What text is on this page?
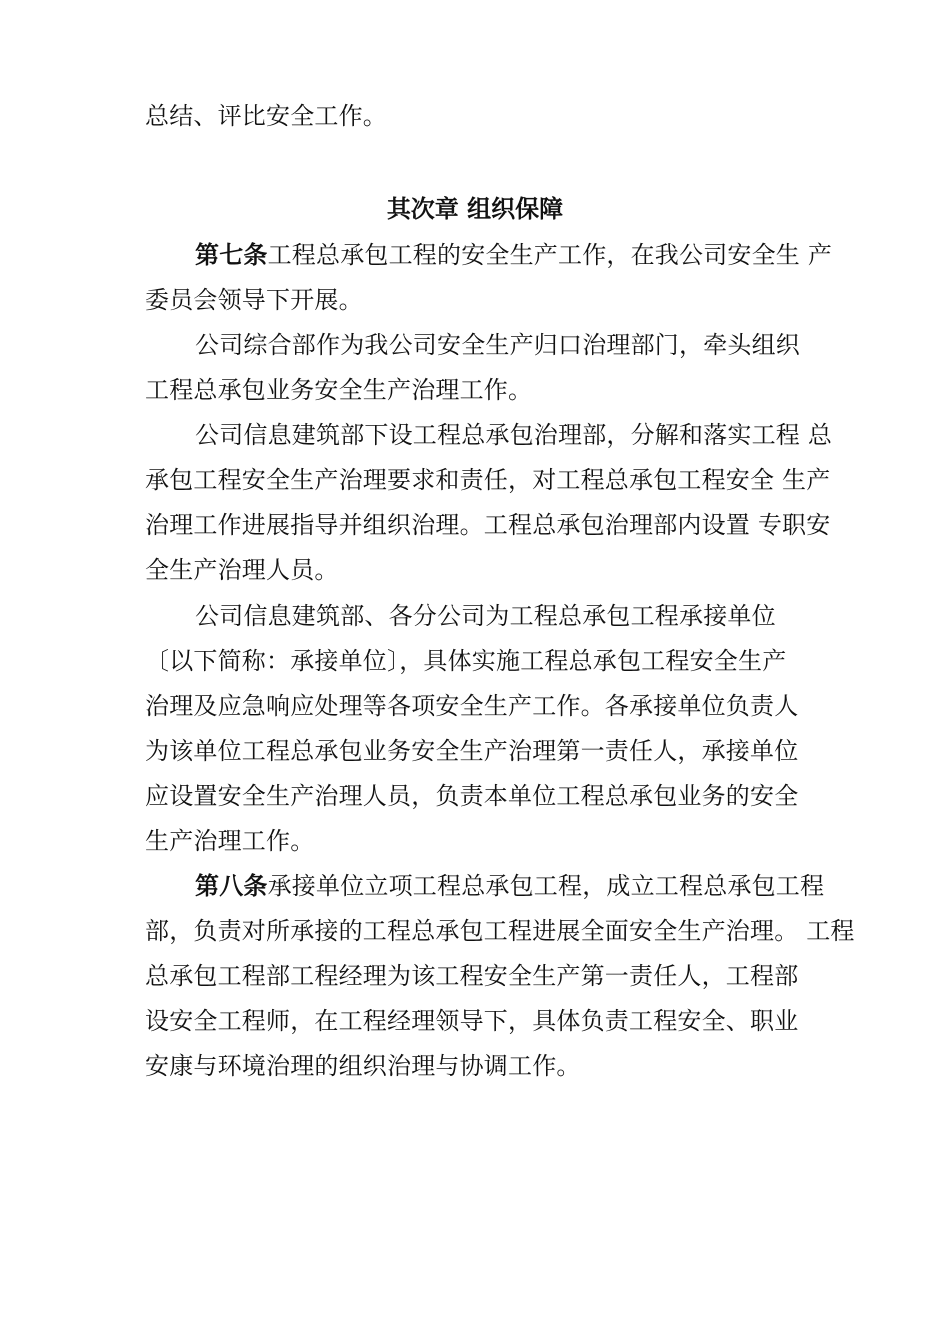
总结、评比安全工作。
其次章 组织保障
第七条工程总承包工程的安全生产工作，在我公司安全生 产
委员会领导下开展。
公司综合部作为我公司安全生产归口治理部门，牵头组织
工程总承包业务安全生产治理工作。
公司信息建筑部下设工程总承包治理部，分解和落实工程 总
承包工程安全生产治理要求和责任，对工程总承包工程安全 生产
治理工作进展指导并组织治理。工程总承包治理部内设置 专职安
全生产治理人员。
公司信息建筑部、各分公司为工程总承包工程承接单位
〔以下简称：承接单位〕，具体实施工程总承包工程安全生产
治理及应急响应处理等各项安全生产工作。各承接单位负责人
为该单位工程总承包业务安全生产治理第一责任人，承接单位
应设置安全生产治理人员，负责本单位工程总承包业务的安全
生产治理工作。
第八条承接单位立项工程总承包工程，成立工程总承包工程
部，负责对所承接的工程总承包工程进展全面安全生产治理。 工程
总承包工程部工程经理为该工程安全生产第一责任人，工程部
设安全工程师，在工程经理领导下，具体负责工程安全、职业
安康与环境治理的组织治理与协调工作。
